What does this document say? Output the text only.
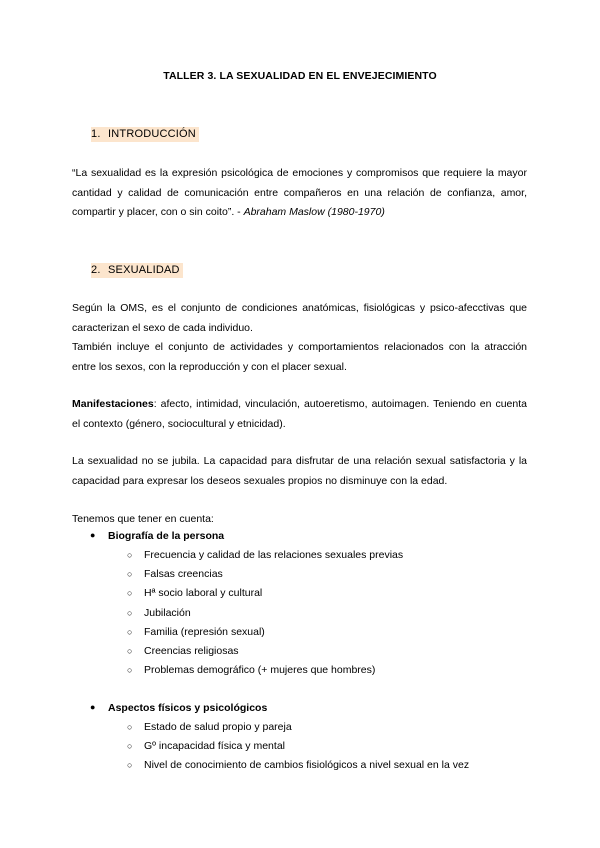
TALLER 3. LA SEXUALIDAD EN EL ENVEJECIMIENTO
1. INTRODUCCIÓN

“La sexualidad es la expresión psicológica de emociones y compromisos que requiere la mayor cantidad y calidad de comunicación entre compañeros en una relación de confianza, amor, compartir y placer, con o sin coito”. - Abraham Maslow (1980-1970)

2. SEXUALIDAD

Según la OMS, es el conjunto de condiciones anatómicas, fisiológicas y psico-afecctivas que caracterizan el sexo de cada individuo.

También incluye el conjunto de actividades y comportamientos relacionados con la atracción entre los sexos, con la reproducción y con el placer sexual.

Manifestaciones: afecto, intimidad, vinculación, autoeretismo, autoimagen. Teniendo en cuenta el contexto (género, sociocultural y etnicidad).

La sexualidad no se jubila. La capacidad para disfrutar de una relación sexual satisfactoria y la capacidad para expresar los deseos sexuales propios no disminuye con la edad.

Tenemos que tener en cuenta:

● Biografía de la persona
○ Frecuencia y calidad de las relaciones sexuales previas
○ Falsas creencias
○ Hª socio laboral y cultural
○ Jubilación
○ Familia (represión sexual)
○ Creencias religiosas
○ Problemas demográfico (+ mujeres que hombres)
● Aspectos físicos y psicológicos
○ Estado de salud propio y pareja
○ Gº incapacidad física y mental
○ Nivel de conocimiento de cambios fisiológicos a nivel sexual en la vez
